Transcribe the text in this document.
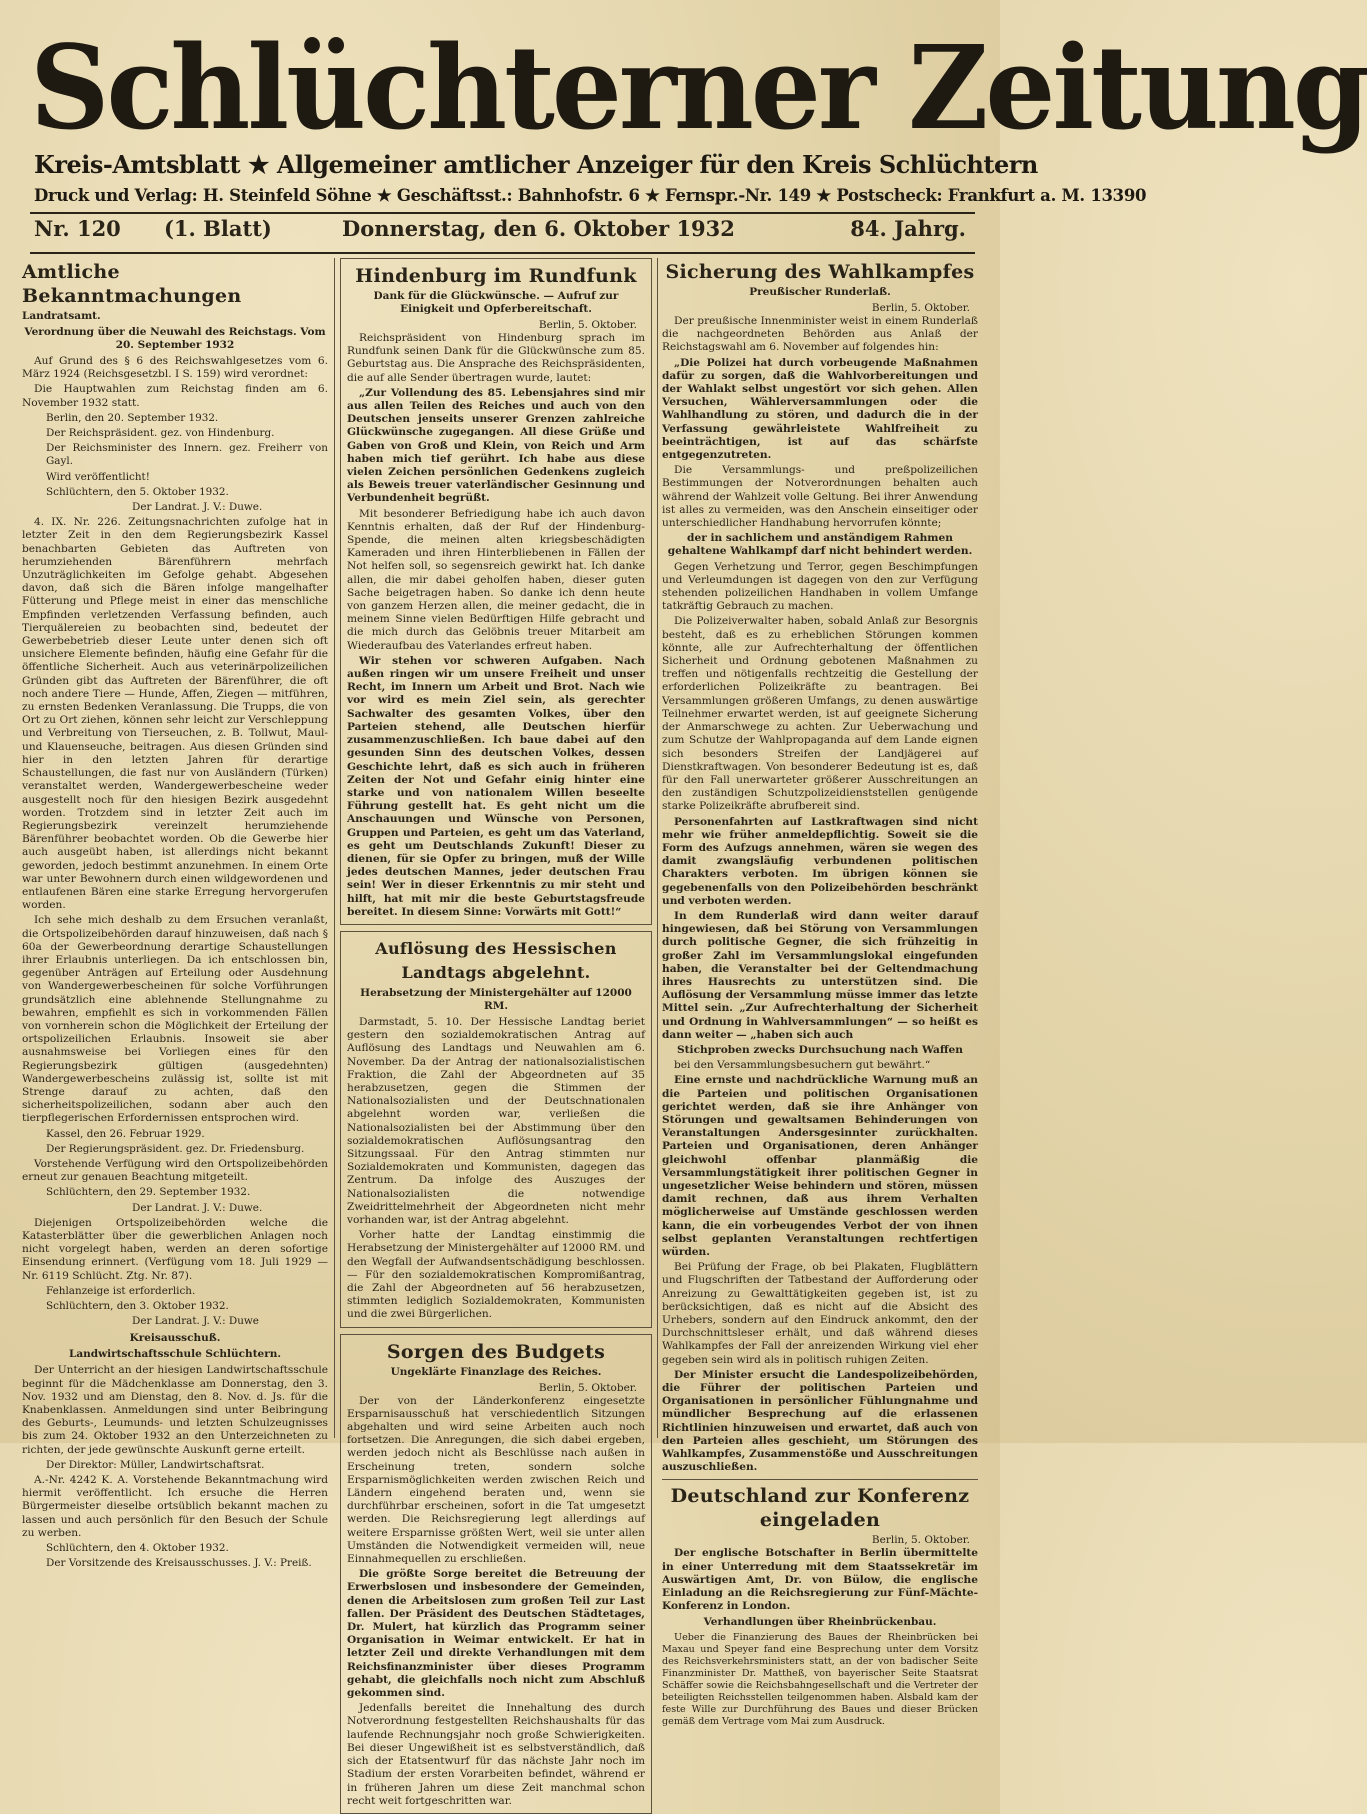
Schlüchterner Zeitung
Kreis-Amtsblatt ★ Allgemeiner amtlicher Anzeiger für den Kreis Schlüchtern
Druck und Verlag: H. Steinfeld Söhne ★ Geschäftsst.: Bahnhofstr. 6 ★ Fernspr.-Nr. 149 ★ Postscheck: Frankfurt a. M. 13390
Nr. 120 (1. Blatt)	Donnerstag, den 6. Oktober 1932	84. Jahrg.
Amtliche Bekanntmachungen
Landratsamt.
Verordnung über die Neuwahl des Reichstags. Vom 20. September 1932

Auf Grund des § 6 des Reichswahlgesetzes vom 6. März 1924 (Reichsgesetzbl. I S. 159) wird verordnet:

Die Hauptwahlen zum Reichstag finden am 6. November 1932 statt.

Berlin, den 20. September 1932.

Der Reichspräsident. gez. von Hindenburg.

Der Reichsminister des Innern. gez. Freiherr von Gayl.

Wird veröffentlicht!

Schlüchtern, den 5. Oktober 1932.

Der Landrat. J. V.: Duwe.

4. IX. Nr. 226. Zeitungsnachrichten zufolge hat in letzter Zeit in den dem Regierungsbezirk Kassel benachbarten Gebieten das Auftreten von herumziehenden Bärenführern mehrfach Unzuträglichkeiten im Gefolge gehabt. Abgesehen davon, daß sich die Bären infolge mangelhafter Fütterung und Pflege meist in einer das menschliche Empfinden verletzenden Verfassung befinden, auch Tierquälereien zu beobachten sind, bedeutet der Gewerbebetrieb dieser Leute unter denen sich oft unsichere Elemente befinden, häufig eine Gefahr für die öffentliche Sicherheit. Auch aus veterinärpolizeilichen Gründen gibt das Auftreten der Bärenführer, die oft noch andere Tiere — Hunde, Affen, Ziegen — mitführen, zu ernsten Bedenken Veranlassung. Die Trupps, die von Ort zu Ort ziehen, können sehr leicht zur Verschleppung und Verbreitung von Tierseuchen, z. B. Tollwut, Maul- und Klauenseuche, beitragen. Aus diesen Gründen sind hier in den letzten Jahren für derartige Schaustellungen, die fast nur von Ausländern (Türken) veranstaltet werden, Wandergewerbescheine weder ausgestellt noch für den hiesigen Bezirk ausgedehnt worden. Trotzdem sind in letzter Zeit auch im Regierungsbezirk vereinzelt herumziehende Bärenführer beobachtet worden. Ob die Gewerbe hier auch ausgeübt haben, ist allerdings nicht bekannt geworden, jedoch bestimmt anzunehmen. In einem Orte war unter Bewohnern durch einen wildgewordenen und entlaufenen Bären eine starke Erregung hervorgerufen worden.

Ich sehe mich deshalb zu dem Ersuchen veranlaßt, die Ortspolizeibehörden darauf hinzuweisen, daß nach § 60a der Gewerbeordnung derartige Schaustellungen ihrer Erlaubnis unterliegen. Da ich entschlossen bin, gegenüber Anträgen auf Erteilung oder Ausdehnung von Wandergewerbescheinen für solche Vorführungen grundsätzlich eine ablehnende Stellungnahme zu bewahren, empfiehlt es sich in vorkommenden Fällen von vornherein schon die Möglichkeit der Erteilung der ortspolizeilichen Erlaubnis. Insoweit sie aber ausnahmsweise bei Vorliegen eines für den Regierungsbezirk gültigen (ausgedehnten) Wandergewerbescheins zulässig ist, sollte ist mit Strenge darauf zu achten, daß den sicherheitspolizeilichen, sodann aber auch den tierpflegerischen Erfordernissen entsprochen wird.

Kassel, den 26. Februar 1929.

Der Regierungspräsident. gez. Dr. Friedensburg.

Vorstehende Verfügung wird den Ortspolizeibehörden erneut zur genauen Beachtung mitgeteilt.

Schlüchtern, den 29. September 1932.

Der Landrat. J. V.: Duwe.

Diejenigen Ortspolizeibehörden welche die Katasterblätter über die gewerblichen Anlagen noch nicht vorgelegt haben, werden an deren sofortige Einsendung erinnert. (Verfügung vom 18. Juli 1929 — Nr. 6119 Schlücht. Ztg. Nr. 87).

Fehlanzeige ist erforderlich.

Schlüchtern, den 3. Oktober 1932.

Der Landrat. J. V.: Duwe

Kreisausschuß.
Landwirtschaftsschule Schlüchtern.

Der Unterricht an der hiesigen Landwirtschaftsschule beginnt für die Mädchenklasse am Donnerstag, den 3. Nov. 1932 und am Dienstag, den 8. Nov. d. Js. für die Knabenklassen. Anmeldungen sind unter Beibringung des Geburts-, Leumunds- und letzten Schulzeugnisses bis zum 24. Oktober 1932 an den Unterzeichneten zu richten, der jede gewünschte Auskunft gerne erteilt.

Der Direktor: Müller, Landwirtschaftsrat.

A.-Nr. 4242 K. A. Vorstehende Bekanntmachung wird hiermit veröffentlicht. Ich ersuche die Herren Bürgermeister dieselbe ortsüblich bekannt machen zu lassen und auch persönlich für den Besuch der Schule zu werben.

Schlüchtern, den 4. Oktober 1932.

Der Vorsitzende des Kreisausschusses. J. V.: Preiß.

Hindenburg im Rundfunk
Dank für die Glückwünsche. — Aufruf zur Einigkeit und Opferbereitschaft.
Berlin, 5. Oktober.

Reichspräsident von Hindenburg sprach im Rundfunk seinen Dank für die Glückwünsche zum 85. Geburtstag aus. Die Ansprache des Reichspräsidenten, die auf alle Sender übertragen wurde, lautet:

„Zur Vollendung des 85. Lebensjahres sind mir aus allen Teilen des Reiches und auch von den Deutschen jenseits unserer Grenzen zahlreiche Glückwünsche zugegangen. All diese Grüße und Gaben von Groß und Klein, von Reich und Arm haben mich tief gerührt. Ich habe aus diese vielen Zeichen persönlichen Gedenkens zugleich als Beweis treuer vaterländischer Gesinnung und Verbundenheit begrüßt.

Mit besonderer Befriedigung habe ich auch davon Kenntnis erhalten, daß der Ruf der Hindenburg-Spende, die meinen alten kriegsbeschädigten Kameraden und ihren Hinterbliebenen in Fällen der Not helfen soll, so segensreich gewirkt hat. Ich danke allen, die mir dabei geholfen haben, dieser guten Sache beigetragen haben. So danke ich denn heute von ganzem Herzen allen, die meiner gedacht, die in meinem Sinne vielen Bedürftigen Hilfe gebracht und die mich durch das Gelöbnis treuer Mitarbeit am Wiederaufbau des Vaterlandes erfreut haben.

Wir stehen vor schweren Aufgaben. Nach außen ringen wir um unsere Freiheit und unser Recht, im Innern um Arbeit und Brot. Nach wie vor wird es mein Ziel sein, als gerechter Sachwalter des gesamten Volkes, über den Parteien stehend, alle Deutschen hierfür zusammenzuschließen. Ich baue dabei auf den gesunden Sinn des deutschen Volkes, dessen Geschichte lehrt, daß es sich auch in früheren Zeiten der Not und Gefahr einig hinter eine starke und von nationalem Willen beseelte Führung gestellt hat. Es geht nicht um die Anschauungen und Wünsche von Personen, Gruppen und Parteien, es geht um das Vaterland, es geht um Deutschlands Zukunft! Dieser zu dienen, für sie Opfer zu bringen, muß der Wille jedes deutschen Mannes, jeder deutschen Frau sein! Wer in dieser Erkenntnis zu mir steht und hilft, hat mit mir die beste Geburtstagsfreude bereitet. In diesem Sinne: Vorwärts mit Gott!“

Auflösung des Hessischen Landtags abgelehnt.
Herabsetzung der Ministergehälter auf 12000 RM.

Darmstadt, 5. 10. Der Hessische Landtag beriet gestern den sozialdemokratischen Antrag auf Auflösung des Landtags und Neuwahlen am 6. November. Da der Antrag der nationalsozialistischen Fraktion, die Zahl der Abgeordneten auf 35 herabzusetzen, gegen die Stimmen der Nationalsozialisten und der Deutschnationalen abgelehnt worden war, verließen die Nationalsozialisten bei der Abstimmung über den sozialdemokratischen Auflösungsantrag den Sitzungssaal. Für den Antrag stimmten nur Sozialdemokraten und Kommunisten, dagegen das Zentrum. Da infolge des Auszuges der Nationalsozialisten die notwendige Zweidrittelmehrheit der Abgeordneten nicht mehr vorhanden war, ist der Antrag abgelehnt.

Vorher hatte der Landtag einstimmig die Herabsetzung der Ministergehälter auf 12000 RM. und den Wegfall der Aufwandsentschädigung beschlossen. — Für den sozialdemokratischen Kompromißantrag, die Zahl der Abgeordneten auf 56 herabzusetzen, stimmten lediglich Sozialdemokraten, Kommunisten und die zwei Bürgerlichen.

Sorgen des Budgets
Ungeklärte Finanzlage des Reiches.
Berlin, 5. Oktober.

Der von der Länderkonferenz eingesetzte Ersparnisausschuß hat verschiedentlich Sitzungen abgehalten und wird seine Arbeiten auch noch fortsetzen. Die Anregungen, die sich dabei ergeben, werden jedoch nicht als Beschlüsse nach außen in Erscheinung treten, sondern solche Ersparnismöglichkeiten werden zwischen Reich und Ländern eingehend beraten und, wenn sie durchführbar erscheinen, sofort in die Tat umgesetzt werden. Die Reichsregierung legt allerdings auf weitere Ersparnisse größten Wert, weil sie unter allen Umständen die Notwendigkeit vermeiden will, neue Einnahmequellen zu erschließen.

Die größte Sorge bereitet die Betreuung der Erwerbslosen und insbesondere der Gemeinden, denen die Arbeitslosen zum großen Teil zur Last fallen. Der Präsident des Deutschen Städtetages, Dr. Mulert, hat kürzlich das Programm seiner Organisation in Weimar entwickelt. Er hat in letzter Zeil und direkte Verhandlungen mit dem Reichsfinanzminister über dieses Programm gehabt, die gleichfalls noch nicht zum Abschluß gekommen sind.

Jedenfalls bereitet die Innehaltung des durch Notverordnung festgestellten Reichshaushalts für das laufende Rechnungsjahr noch große Schwierigkeiten. Bei dieser Ungewißheit ist es selbstverständlich, daß sich der Etatsentwurf für das nächste Jahr noch im Stadium der ersten Vorarbeiten befindet, während er in früheren Jahren um diese Zeit manchmal schon recht weit fortgeschritten war.

Sicherung des Wahlkampfes
Preußischer Runderlaß.
Berlin, 5. Oktober.

Der preußische Innenminister weist in einem Runderlaß die nachgeordneten Behörden aus Anlaß der Reichstagswahl am 6. November auf folgendes hin:

„Die Polizei hat durch vorbeugende Maßnahmen dafür zu sorgen, daß die Wahlvorbereitungen und der Wahlakt selbst ungestört vor sich gehen. Allen Versuchen, Wählerversammlungen oder die Wahlhandlung zu stören, und dadurch die in der Verfassung gewährleistete Wahlfreiheit zu beeinträchtigen, ist auf das schärfste entgegenzutreten.

Die Versammlungs- und preßpolizeilichen Bestimmungen der Notverordnungen behalten auch während der Wahlzeit volle Geltung. Bei ihrer Anwendung ist alles zu vermeiden, was den Anschein einseitiger oder unterschiedlicher Handhabung hervorrufen könnte;

der in sachlichem und anständigem Rahmen gehaltene Wahlkampf darf nicht behindert werden.

Gegen Verhetzung und Terror, gegen Beschimpfungen und Verleumdungen ist dagegen von den zur Verfügung stehenden polizeilichen Handhaben in vollem Umfange tatkräftig Gebrauch zu machen.

Die Polizeiverwalter haben, sobald Anlaß zur Besorgnis besteht, daß es zu erheblichen Störungen kommen könnte, alle zur Aufrechterhaltung der öffentlichen Sicherheit und Ordnung gebotenen Maßnahmen zu treffen und nötigenfalls rechtzeitig die Gestellung der erforderlichen Polizeikräfte zu beantragen. Bei Versammlungen größeren Umfangs, zu denen auswärtige Teilnehmer erwartet werden, ist auf geeignete Sicherung der Anmarschwege zu achten. Zur Ueberwachung und zum Schutze der Wahlpropaganda auf dem Lande eignen sich besonders Streifen der Landjägerei auf Dienstkraftwagen. Von besonderer Bedeutung ist es, daß für den Fall unerwarteter größerer Ausschreitungen an den zuständigen Schutzpolizeidienststellen genügende starke Polizeikräfte abrufbereit sind.

Personenfahrten auf Lastkraftwagen sind nicht mehr wie früher anmeldepflichtig. Soweit sie die Form des Aufzugs annehmen, wären sie wegen des damit zwangsläufig verbundenen politischen Charakters verboten. Im übrigen können sie gegebenenfalls von den Polizeibehörden beschränkt und verboten werden.

In dem Runderlaß wird dann weiter darauf hingewiesen, daß bei Störung von Versammlungen durch politische Gegner, die sich frühzeitig in großer Zahl im Versammlungslokal eingefunden haben, die Veranstalter bei der Geltendmachung ihres Hausrechts zu unterstützen sind. Die Auflösung der Versammlung müsse immer das letzte Mittel sein. „Zur Aufrechterhaltung der Sicherheit und Ordnung in Wahlversammlungen“ — so heißt es dann weiter — „haben sich auch

Stichproben zwecks Durchsuchung nach Waffen

bei den Versammlungsbesuchern gut bewährt.“

Eine ernste und nachdrückliche Warnung muß an die Parteien und politischen Organisationen gerichtet werden, daß sie ihre Anhänger von Störungen und gewaltsamen Behinderungen von Veranstaltungen Andersgesinnter zurückhalten. Parteien und Organisationen, deren Anhänger gleichwohl offenbar planmäßig die Versammlungstätigkeit ihrer politischen Gegner in ungesetzlicher Weise behindern und stören, müssen damit rechnen, daß aus ihrem Verhalten möglicherweise auf Umstände geschlossen werden kann, die ein vorbeugendes Verbot der von ihnen selbst geplanten Veranstaltungen rechtfertigen würden.

Bei Prüfung der Frage, ob bei Plakaten, Flugblättern und Flugschriften der Tatbestand der Aufforderung oder Anreizung zu Gewalttätigkeiten gegeben ist, ist zu berücksichtigen, daß es nicht auf die Absicht des Urhebers, sondern auf den Eindruck ankommt, den der Durchschnittsleser erhält, und daß während dieses Wahlkampfes der Fall der anreizenden Wirkung viel eher gegeben sein wird als in politisch ruhigen Zeiten.

Der Minister ersucht die Landespolizeibehörden, die Führer der politischen Parteien und Organisationen in persönlicher Fühlungnahme und mündlicher Besprechung auf die erlassenen Richtlinien hinzuweisen und erwartet, daß auch von den Parteien alles geschieht, um Störungen des Wahlkampfes, Zusammenstöße und Ausschreitungen auszuschließen.

Deutschland zur Konferenz eingeladen
Berlin, 5. Oktober.

Der englische Botschafter in Berlin übermittelte in einer Unterredung mit dem Staatssekretär im Auswärtigen Amt, Dr. von Bülow, die englische Einladung an die Reichsregierung zur Fünf-Mächte-Konferenz in London.

Verhandlungen über Rheinbrückenbau.

Ueber die Finanzierung des Baues der Rheinbrücken bei Maxau und Speyer fand eine Besprechung unter dem Vorsitz des Reichsverkehrsministers statt, an der von badischer Seite Finanzminister Dr. Mattheß, von bayerischer Seite Staatsrat Schäffer sowie die Reichsbahngesellschaft und die Vertreter der beteiligten Reichsstellen teilgenommen haben. Alsbald kam der feste Wille zur Durchführung des Baues und dieser Brücken gemäß dem Vertrage vom Mai zum Ausdruck.
